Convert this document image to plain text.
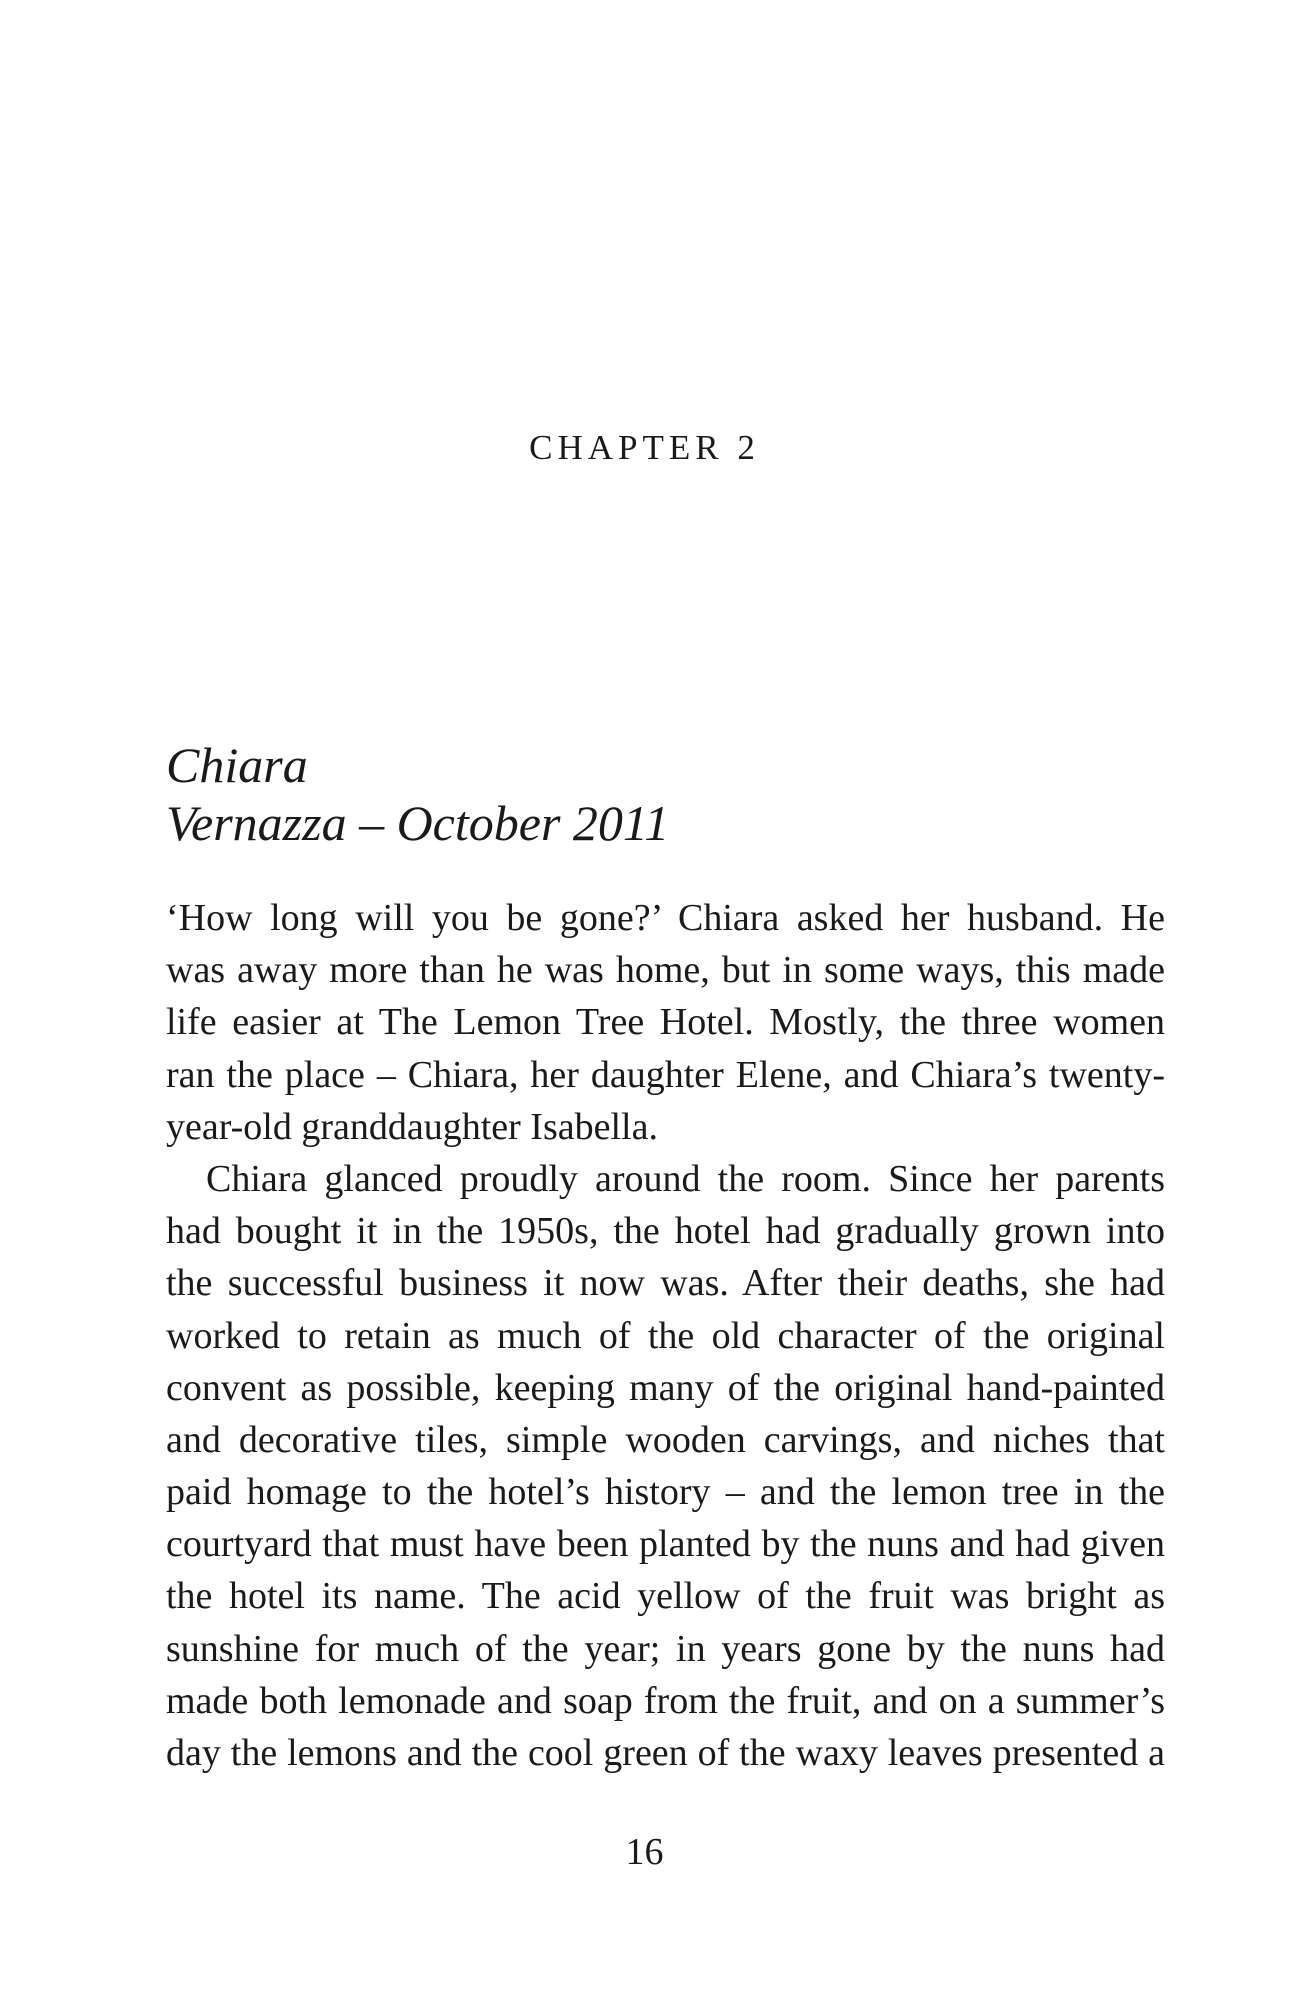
CHAPTER 2
Chiara
Vernazza – October 2011
‘How long will you be gone?’ Chiara asked her husband. He
was away more than he was home, but in some ways, this made
life easier at The Lemon Tree Hotel. Mostly, the three women
ran the place – Chiara, her daughter Elene, and Chiara’s twenty-
year-old granddaughter Isabella.
Chiara glanced proudly around the room. Since her parents
had bought it in the 1950s, the hotel had gradually grown into
the successful business it now was. After their deaths, she had
worked to retain as much of the old character of the original
convent as possible, keeping many of the original hand-painted
and decorative tiles, simple wooden carvings, and niches that
paid homage to the hotel’s history – and the lemon tree in the
courtyard that must have been planted by the nuns and had given
the hotel its name. The acid yellow of the fruit was bright as
sunshine for much of the year; in years gone by the nuns had
made both lemonade and soap from the fruit, and on a summer’s
day the lemons and the cool green of the waxy leaves presented a
16
